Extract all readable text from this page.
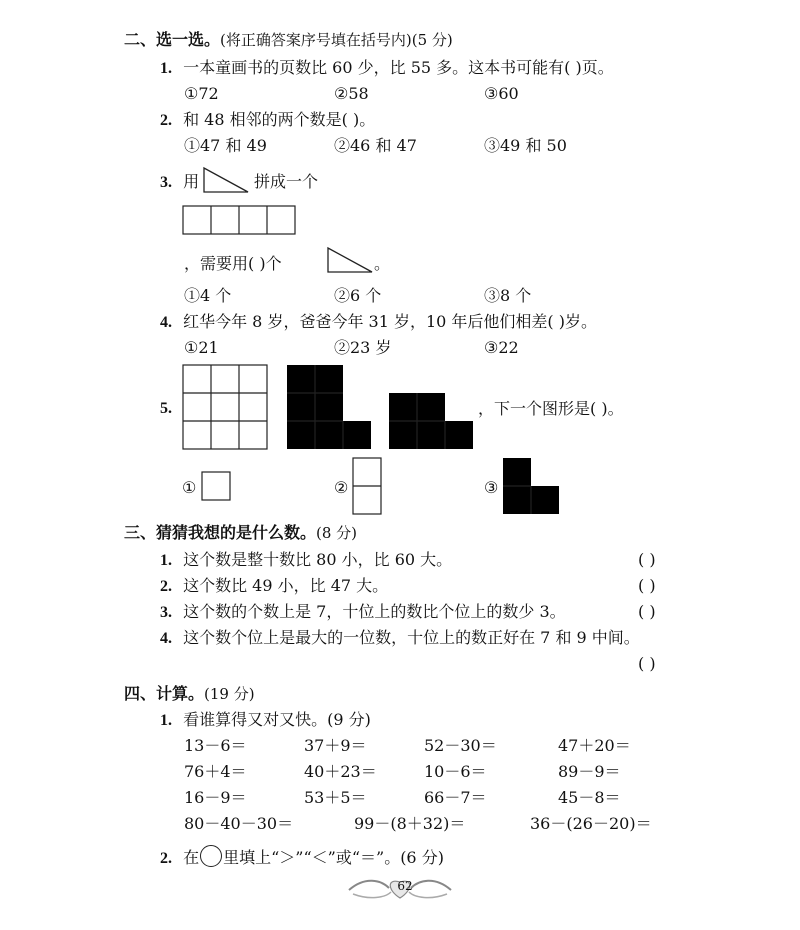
二、选一选。(将正确答案序号填在括号内)(5 分)
1. 一本童画书的页数比 60 少，比 55 多。这本书可能有( )页。
①72	②58	③60
2. 和 48 相邻的两个数是( )。
①47 和 49	②46 和 47	③49 和 50
3. 用	拼成一个
，需要用( )个	。
①4 个	②6 个	③8 个
4. 红华今年 8 岁，爸爸今年 31 岁，10 年后他们相差( )岁。
①21	②23 岁	③22
5.	，下一个图形是( )。
①	②	③
三、猜猜我想的是什么数。(8 分)
1. 这个数是整十数比 80 小，比 60 大。	( )
2. 这个数比 49 小，比 47 大。	( )
3. 这个数的个数上是 7，十位上的数比个位上的数少 3。	( )
4. 这个数个位上是最大的一位数，十位上的数正好在 7 和 9 中间。
( )
四、计算。(19 分)
1. 看谁算得又对又快。(9 分)
13－6＝	37＋9＝	52－30＝	47＋20＝
76＋4＝	40＋23＝	10－6＝	89－9＝
16－9＝	53＋5＝	66－7＝	45－8＝
80－40－30＝	99－(8＋32)＝	36－(26－20)＝
2. 在 里填上“＞”“＜”或“＝”。(6 分)
62
